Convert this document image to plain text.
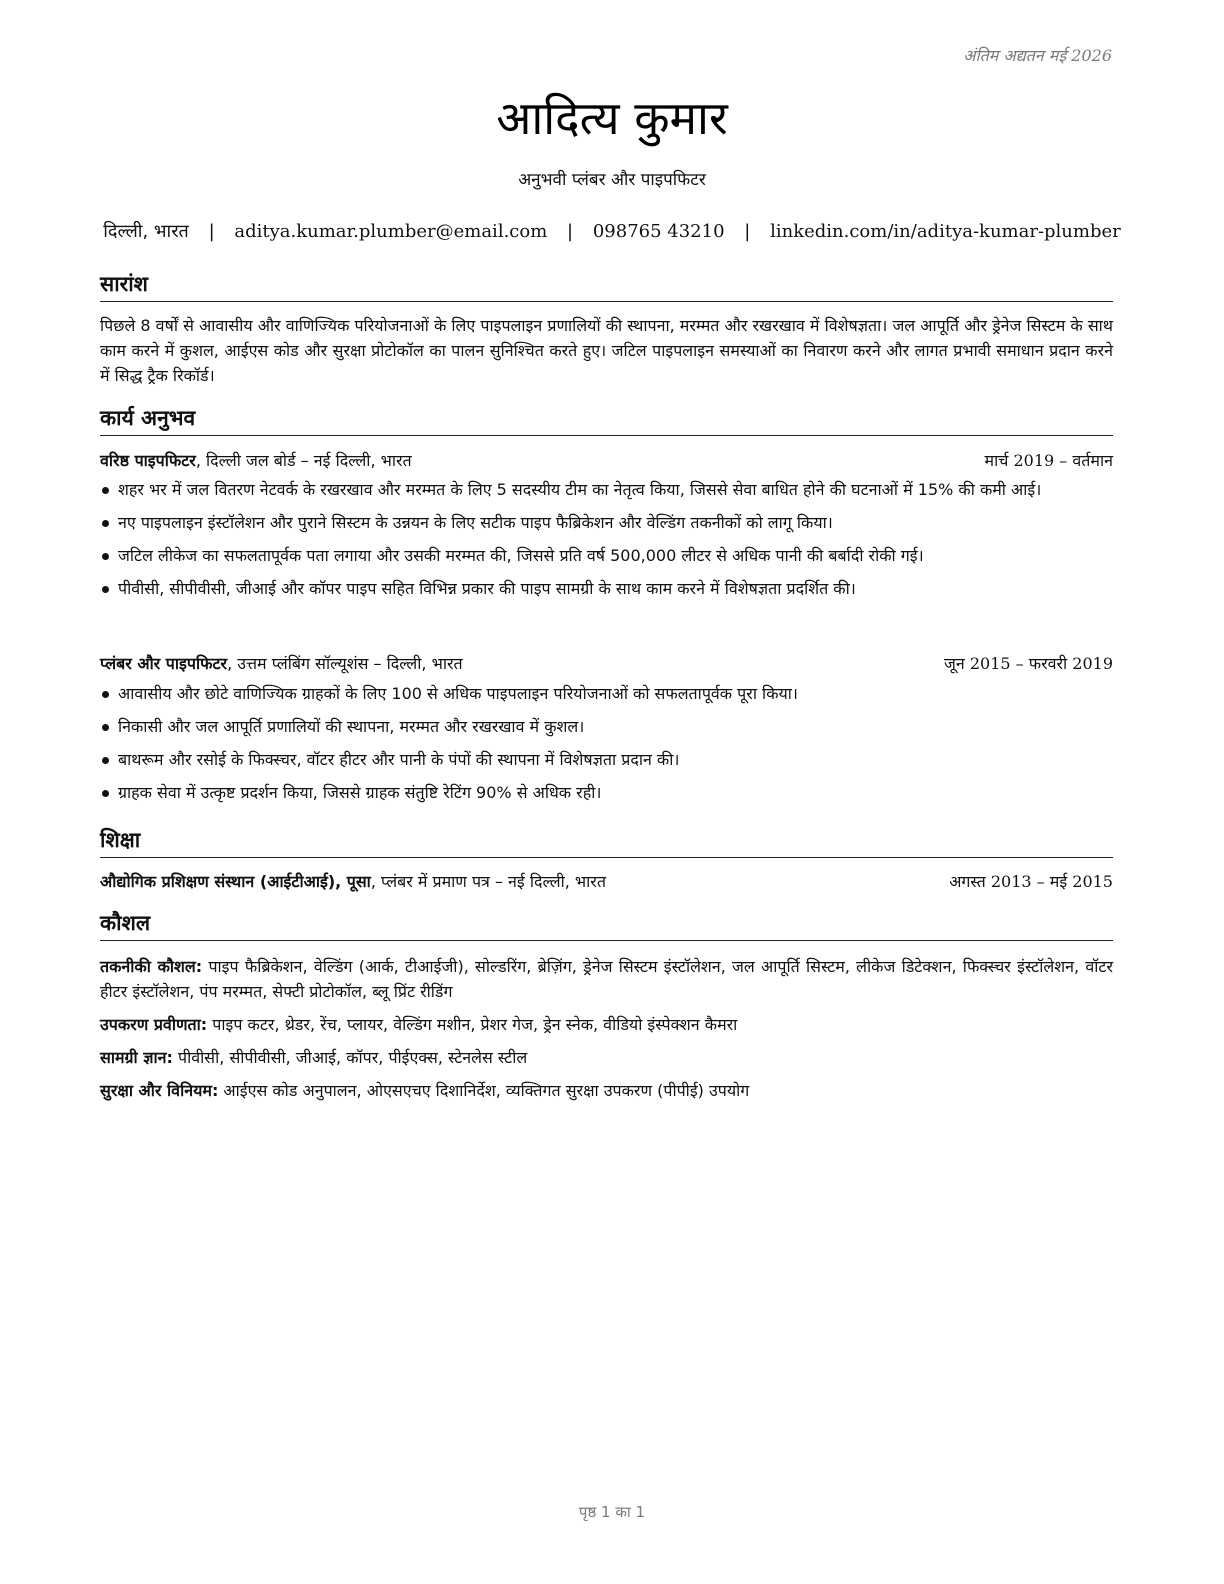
अंतिम अद्यतन मई 2026
आदित्य कुमार
अनुभवी प्लंबर और पाइपफिटर
दिल्ली, भारत | aditya.kumar.plumber@email.com | 098765 43210 | linkedin.com/in/aditya-kumar-plumber
सारांश
पिछले 8 वर्षों से आवासीय और वाणिज्यिक परियोजनाओं के लिए पाइपलाइन प्रणालियों की स्थापना, मरम्मत और रखरखाव में विशेषज्ञता। जल आपूर्ति और ड्रेनेज सिस्टम के साथ काम करने में कुशल, आईएस कोड और सुरक्षा प्रोटोकॉल का पालन सुनिश्चित करते हुए। जटिल पाइपलाइन समस्याओं का निवारण करने और लागत प्रभावी समाधान प्रदान करने में सिद्ध ट्रैक रिकॉर्ड।
कार्य अनुभव
वरिष्ठ पाइपफिटर, दिल्ली जल बोर्ड – नई दिल्ली, भारत	मार्च 2019 – वर्तमान
शहर भर में जल वितरण नेटवर्क के रखरखाव और मरम्मत के लिए 5 सदस्यीय टीम का नेतृत्व किया, जिससे सेवा बाधित होने की घटनाओं में 15% की कमी आई।
नए पाइपलाइन इंस्टॉलेशन और पुराने सिस्टम के उन्नयन के लिए सटीक पाइप फैब्रिकेशन और वेल्डिंग तकनीकों को लागू किया।
जटिल लीकेज का सफलतापूर्वक पता लगाया और उसकी मरम्मत की, जिससे प्रति वर्ष 500,000 लीटर से अधिक पानी की बर्बादी रोकी गई।
पीवीसी, सीपीवीसी, जीआई और कॉपर पाइप सहित विभिन्न प्रकार की पाइप सामग्री के साथ काम करने में विशेषज्ञता प्रदर्शित की।
प्लंबर और पाइपफिटर, उत्तम प्लंबिंग सॉल्यूशंस – दिल्ली, भारत	जून 2015 – फरवरी 2019
आवासीय और छोटे वाणिज्यिक ग्राहकों के लिए 100 से अधिक पाइपलाइन परियोजनाओं को सफलतापूर्वक पूरा किया।
निकासी और जल आपूर्ति प्रणालियों की स्थापना, मरम्मत और रखरखाव में कुशल।
बाथरूम और रसोई के फिक्स्चर, वॉटर हीटर और पानी के पंपों की स्थापना में विशेषज्ञता प्रदान की।
ग्राहक सेवा में उत्कृष्ट प्रदर्शन किया, जिससे ग्राहक संतुष्टि रेटिंग 90% से अधिक रही।
शिक्षा
औद्योगिक प्रशिक्षण संस्थान (आईटीआई), पूसा, प्लंबर में प्रमाण पत्र – नई दिल्ली, भारत	अगस्त 2013 – मई 2015
कौशल
तकनीकी कौशल: पाइप फैब्रिकेशन, वेल्डिंग (आर्क, टीआईजी), सोल्डरिंग, ब्रेज़िंग, ड्रेनेज सिस्टम इंस्टॉलेशन, जल आपूर्ति सिस्टम, लीकेज डिटेक्शन, फिक्स्चर इंस्टॉलेशन, वॉटर हीटर इंस्टॉलेशन, पंप मरम्मत, सेफ्टी प्रोटोकॉल, ब्लू प्रिंट रीडिंग
उपकरण प्रवीणता: पाइप कटर, थ्रेडर, रेंच, प्लायर, वेल्डिंग मशीन, प्रेशर गेज, ड्रेन स्नेक, वीडियो इंस्पेक्शन कैमरा
सामग्री ज्ञान: पीवीसी, सीपीवीसी, जीआई, कॉपर, पीईएक्स, स्टेनलेस स्टील
सुरक्षा और विनियम: आईएस कोड अनुपालन, ओएसएचए दिशानिर्देश, व्यक्तिगत सुरक्षा उपकरण (पीपीई) उपयोग
पृष्ठ 1 का 1
